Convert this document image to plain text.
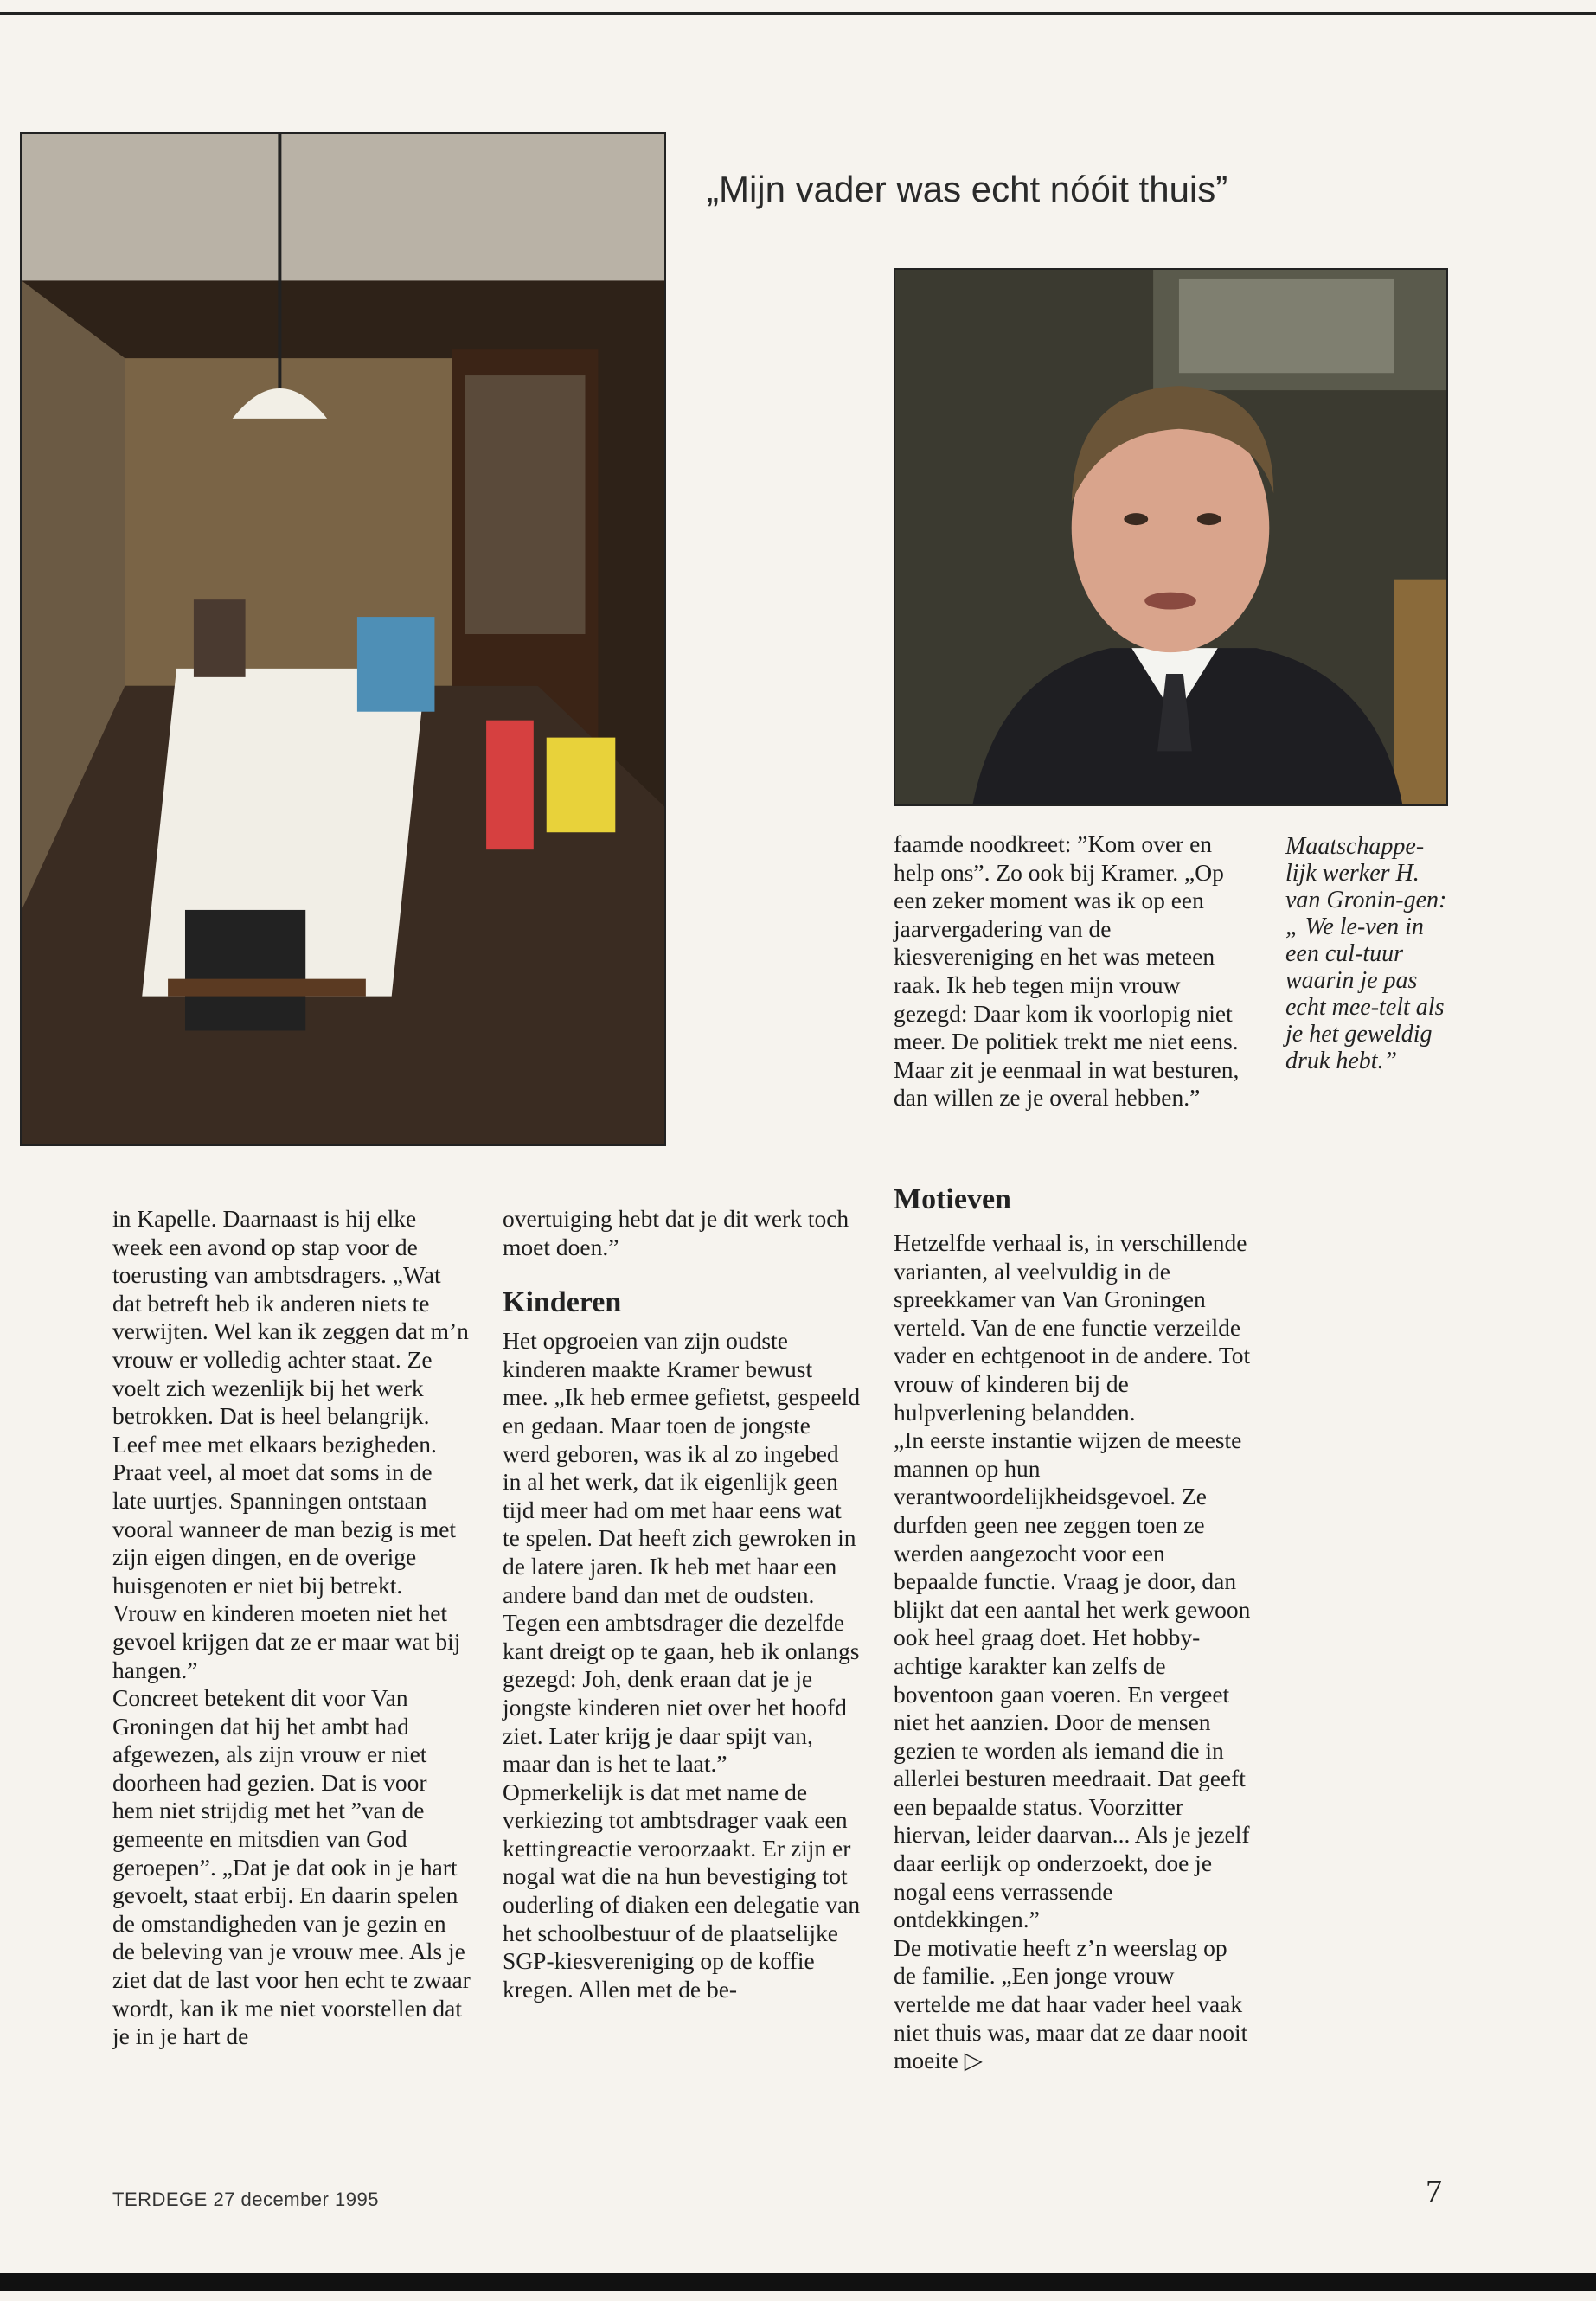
„Mijn vader was echt nóóit thuis”

faamde noodkreet: ”Kom over en help ons”. Zo ook bij Kramer. „Op een zeker moment was ik op een jaarvergadering van de kiesvereniging en het was meteen raak. Ik heb tegen mijn vrouw gezegd: Daar kom ik voorlopig niet meer. De politiek trekt me niet eens. Maar zit je eenmaal in wat besturen, dan willen ze je overal hebben.”

Maatschappe-lijk werker H. van Gronin-gen: „ We le-ven in een cul-tuur waarin je pas echt mee-telt als je het geweldig druk hebt.”

in Kapelle. Daarnaast is hij elke week een avond op stap voor de toerusting van ambtsdragers. „Wat dat betreft heb ik anderen niets te verwijten. Wel kan ik zeggen dat m’n vrouw er volledig achter staat. Ze voelt zich wezenlijk bij het werk betrokken. Dat is heel belangrijk. Leef mee met elkaars bezigheden. Praat veel, al moet dat soms in de late uurtjes. Spanningen ontstaan vooral wanneer de man bezig is met zijn eigen dingen, en de overige huisgenoten er niet bij betrekt. Vrouw en kinderen moeten niet het gevoel krijgen dat ze er maar wat bij hangen.”

Concreet betekent dit voor Van Groningen dat hij het ambt had afgewezen, als zijn vrouw er niet doorheen had gezien. Dat is voor hem niet strijdig met het ”van de gemeente en mitsdien van God geroepen”. „Dat je dat ook in je hart gevoelt, staat erbij. En daarin spelen de omstandigheden van je gezin en de beleving van je vrouw mee. Als je ziet dat de last voor hen echt te zwaar wordt, kan ik me niet voorstellen dat je in je hart de

overtuiging hebt dat je dit werk toch moet doen.”

Kinderen

Het opgroeien van zijn oudste kinderen maakte Kramer bewust mee. „Ik heb ermee gefietst, gespeeld en gedaan. Maar toen de jongste werd geboren, was ik al zo ingebed in al het werk, dat ik eigenlijk geen tijd meer had om met haar eens wat te spelen. Dat heeft zich gewroken in de latere jaren. Ik heb met haar een andere band dan met de oudsten. Tegen een ambtsdrager die dezelfde kant dreigt op te gaan, heb ik onlangs gezegd: Joh, denk eraan dat je je jongste kinderen niet over het hoofd ziet. Later krijg je daar spijt van, maar dan is het te laat.”

Opmerkelijk is dat met name de verkiezing tot ambtsdrager vaak een kettingreactie veroorzaakt. Er zijn er nogal wat die na hun bevestiging tot ouderling of diaken een delegatie van het schoolbestuur of de plaatselijke SGP-kiesvereniging op de koffie kregen. Allen met de be-

Motieven

Hetzelfde verhaal is, in verschillende varianten, al veelvuldig in de spreekkamer van Van Groningen verteld. Van de ene functie verzeilde vader en echtgenoot in de andere. Tot vrouw of kinderen bij de hulpverlening belandden.

„In eerste instantie wijzen de meeste mannen op hun verantwoordelijkheidsgevoel. Ze durfden geen nee zeggen toen ze werden aangezocht voor een bepaalde functie. Vraag je door, dan blijkt dat een aantal het werk gewoon ook heel graag doet. Het hobby-achtige karakter kan zelfs de boventoon gaan voeren. En vergeet niet het aanzien. Door de mensen gezien te worden als iemand die in allerlei besturen meedraait. Dat geeft een bepaalde status. Voorzitter hiervan, leider daarvan... Als je jezelf daar eerlijk op onderzoekt, doe je nogal eens verrassende ontdekkingen.”

De motivatie heeft z’n weerslag op de familie. „Een jonge vrouw vertelde me dat haar vader heel vaak niet thuis was, maar dat ze daar nooit moeite ▷

TERDEGE 27 december 1995	7
